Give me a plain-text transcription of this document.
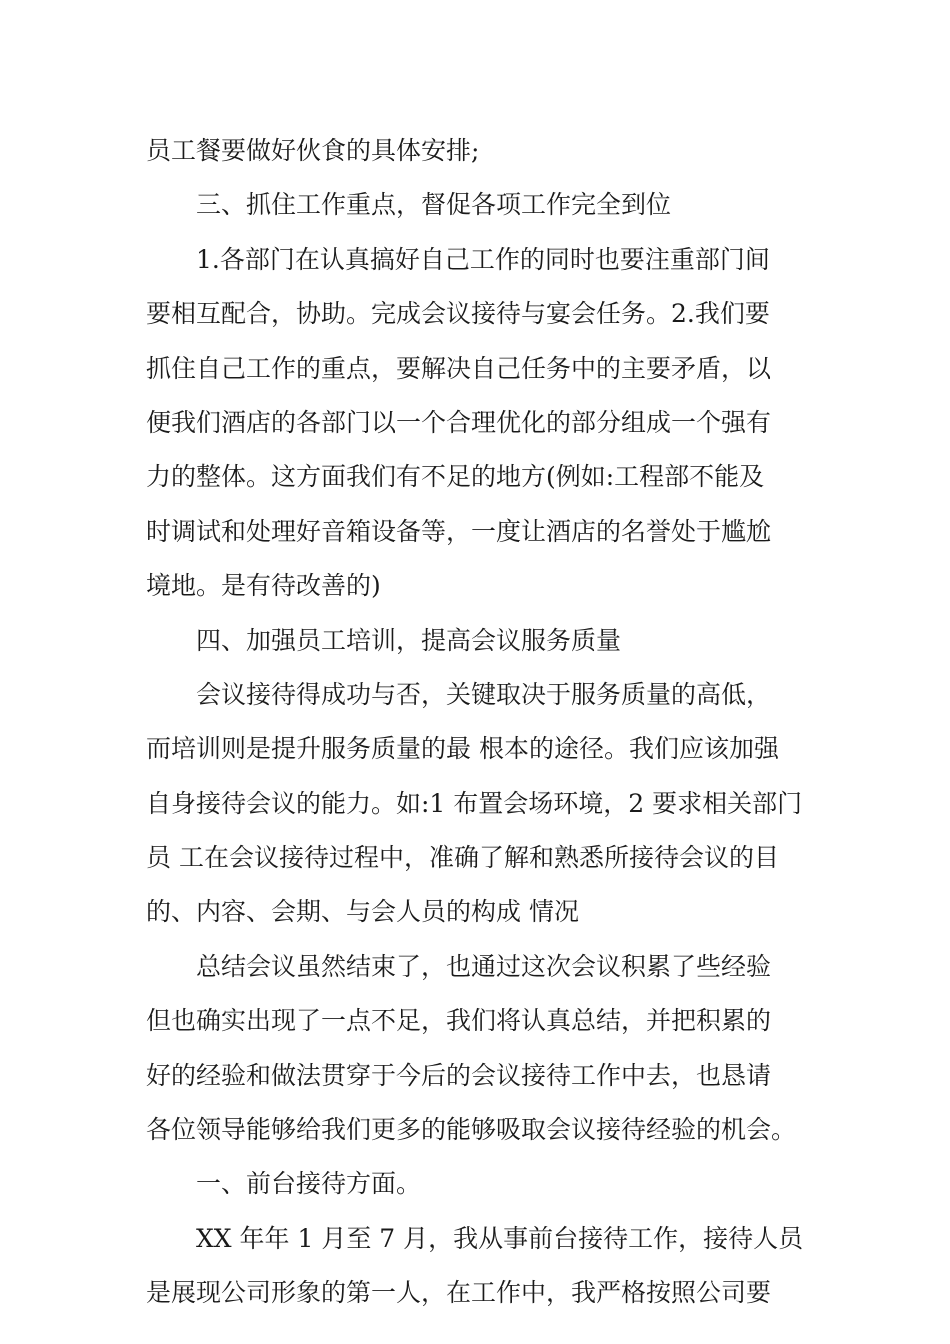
员工餐要做好伙食的具体安排;
三、抓住工作重点，督促各项工作完全到位
1.各部门在认真搞好自己工作的同时也要注重部门间
要相互配合，协助。完成会议接待与宴会任务。2.我们要
抓住自己工作的重点，要解决自己任务中的主要矛盾，以
便我们酒店的各部门以一个合理优化的部分组成一个强有
力的整体。这方面我们有不足的地方(例如:工程部不能及
时调试和处理好音箱设备等，一度让酒店的名誉处于尴尬
境地。是有待改善的)
四、加强员工培训，提高会议服务质量
会议接待得成功与否，关键取决于服务质量的高低，
而培训则是提升服务质量的最 根本的途径。我们应该加强
自身接待会议的能力。如:1 布置会场环境，2 要求相关部门
员 工在会议接待过程中，准确了解和熟悉所接待会议的目
的、内容、会期、与会人员的构成 情况
总结会议虽然结束了，也通过这次会议积累了些经验
但也确实出现了一点不足，我们将认真总结，并把积累的
好的经验和做法贯穿于今后的会议接待工作中去，也恳请
各位领导能够给我们更多的能够吸取会议接待经验的机会。
一、前台接待方面。
XX 年年 1 月至 7 月，我从事前台接待工作，接待人员
是展现公司形象的第一人，在工作中，我严格按照公司要
